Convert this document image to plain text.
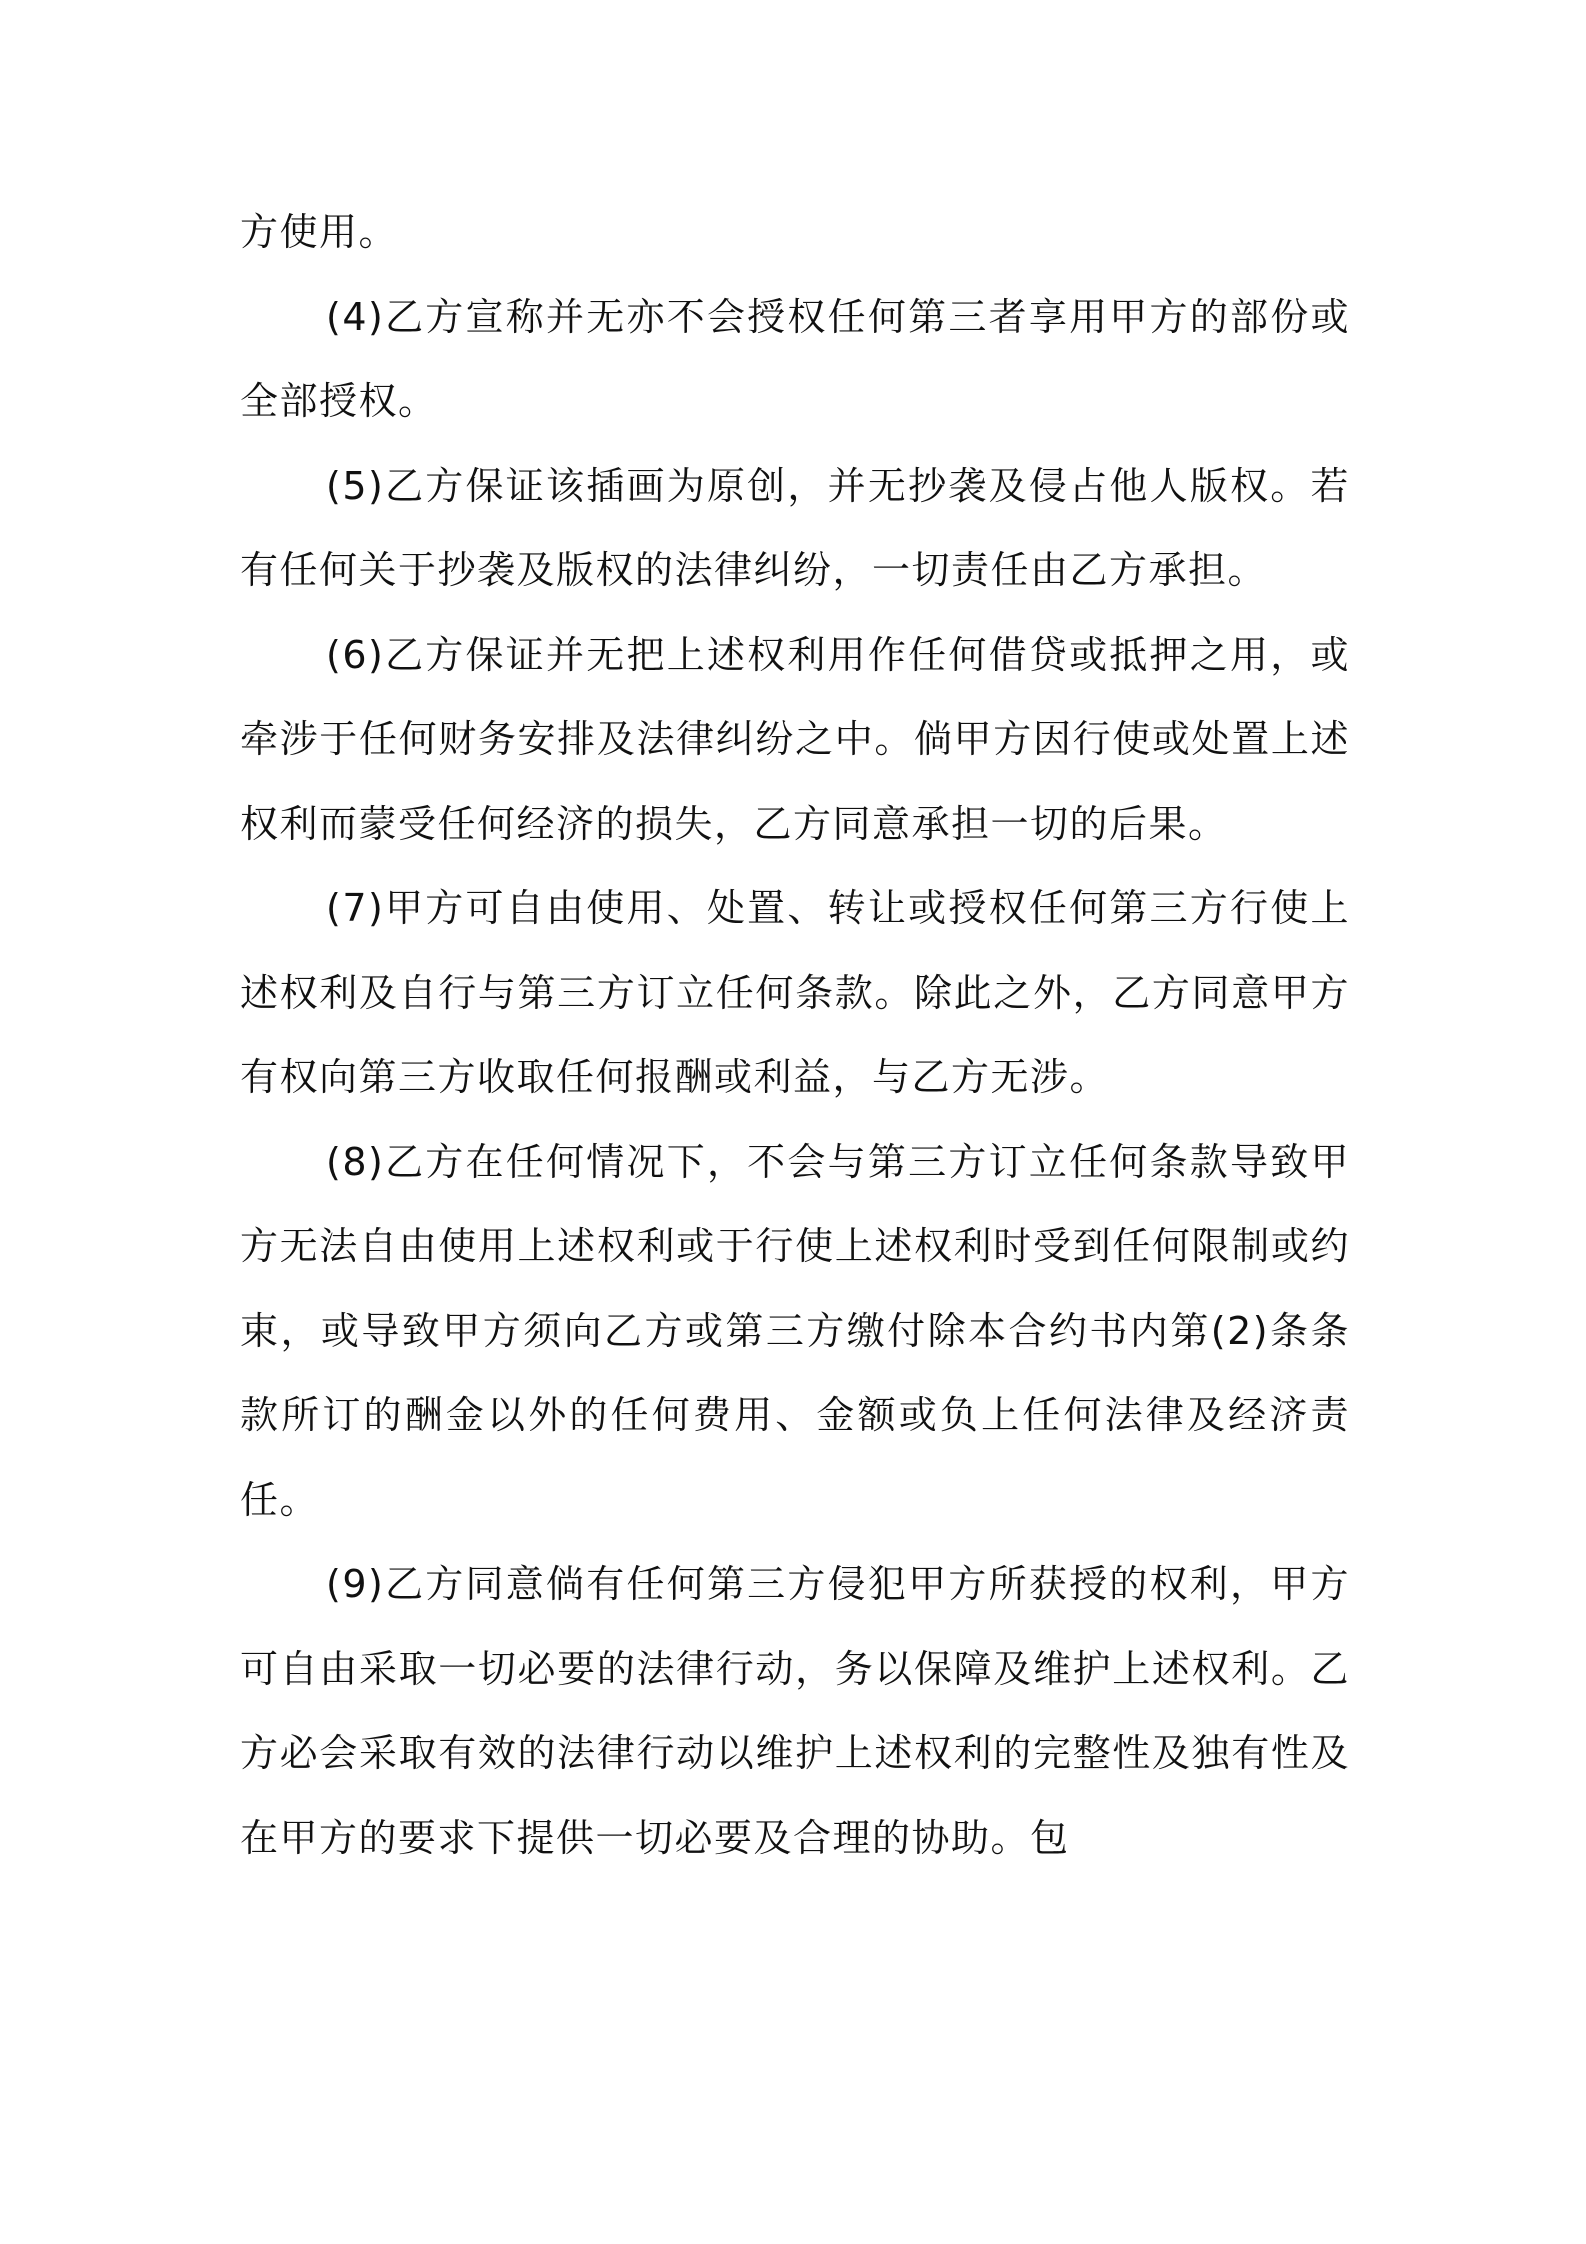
方使用。

(4)乙方宣称并无亦不会授权任何第三者享用甲方的部份或全部授权。

(5)乙方保证该插画为原创，并无抄袭及侵占他人版权。若有任何关于抄袭及版权的法律纠纷，一切责任由乙方承担。

(6)乙方保证并无把上述权利用作任何借贷或抵押之用，或牵涉于任何财务安排及法律纠纷之中。倘甲方因行使或处置上述权利而蒙受任何经济的损失，乙方同意承担一切的后果。

(7)甲方可自由使用、处置、转让或授权任何第三方行使上述权利及自行与第三方订立任何条款。除此之外，乙方同意甲方有权向第三方收取任何报酬或利益，与乙方无涉。

(8)乙方在任何情况下，不会与第三方订立任何条款导致甲方无法自由使用上述权利或于行使上述权利时受到任何限制或约束，或导致甲方须向乙方或第三方缴付除本合约书内第(2)条条款所订的酬金以外的任何费用、金额或负上任何法律及经济责任。

(9)乙方同意倘有任何第三方侵犯甲方所获授的权利，甲方可自由采取一切必要的法律行动，务以保障及维护上述权利。乙方必会采取有效的法律行动以维护上述权利的完整性及独有性及在甲方的要求下提供一切必要及合理的协助。包
